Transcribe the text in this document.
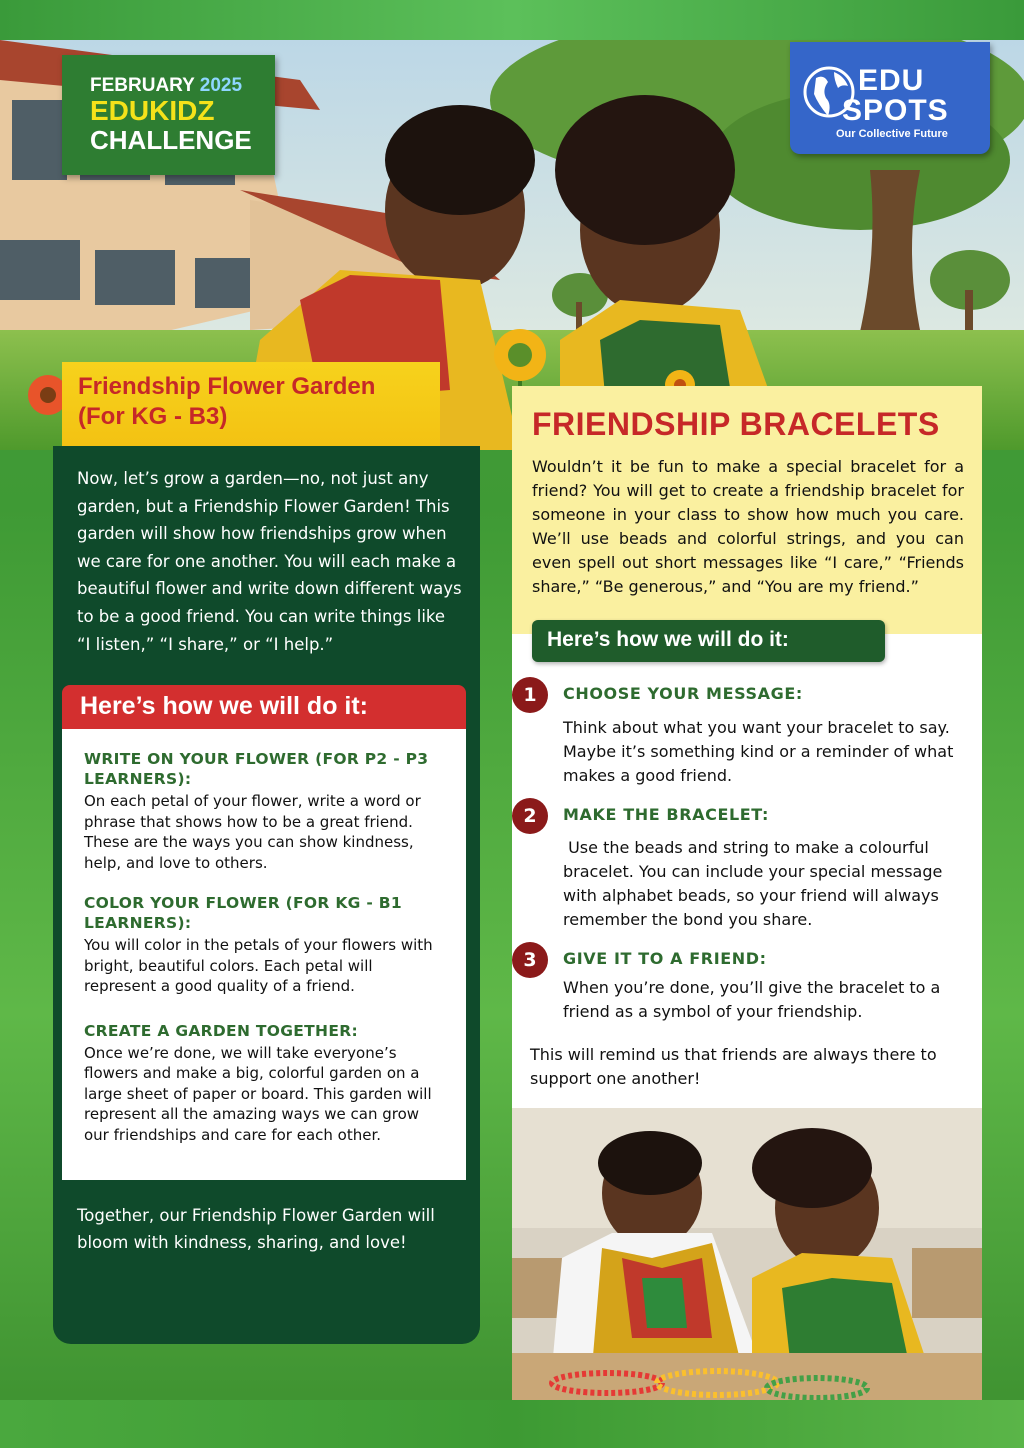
FEBRUARY 2025
EDUKIDZ
CHALLENGE
EDU
SPOTS
Our Collective Future
Friendship Flower Garden
(For KG - B3)
Now, let’s grow a garden—no, not just any garden, but a Friendship Flower Garden! This garden will show how friendships grow when we care for one another. You will each make a beautiful flower and write down different ways to be a good friend. You can write things like “I listen,” “I share,” or “I help.”
Here’s how we will do it:
WRITE ON YOUR FLOWER (FOR P2 - P3 LEARNERS):
On each petal of your flower, write a word or phrase that shows how to be a great friend. These are the ways you can show kindness, help, and love to others.
COLOR YOUR FLOWER (FOR KG - B1 LEARNERS):
You will color in the petals of your flowers with bright, beautiful colors. Each petal will represent a good quality of a friend.
CREATE A GARDEN TOGETHER:
Once we’re done, we will take everyone’s flowers and make a big, colorful garden on a large sheet of paper or board. This garden will represent all the amazing ways we can grow our friendships and care for each other.
Together, our Friendship Flower Garden will bloom with kindness, sharing, and love!
FRIENDSHIP BRACELETS
Wouldn’t it be fun to make a special bracelet for a friend? You will get to create a friendship bracelet for someone in your class to show how much you care. We’ll use beads and colorful strings, and you can even spell out short messages like “I care,” “Friends share,” “Be generous,” and “You are my friend.”
Here’s how we will do it:
1	CHOOSE YOUR MESSAGE:
Think about what you want your bracelet to say. Maybe it’s something kind or a reminder of what makes a good friend.
2	MAKE THE BRACELET:
Use the beads and string to make a colourful bracelet. You can include your special message with alphabet beads, so your friend will always remember the bond you share.
3	GIVE IT TO A FRIEND:
When you’re done, you’ll give the bracelet to a friend as a symbol of your friendship.
This will remind us that friends are always there to support one another!
